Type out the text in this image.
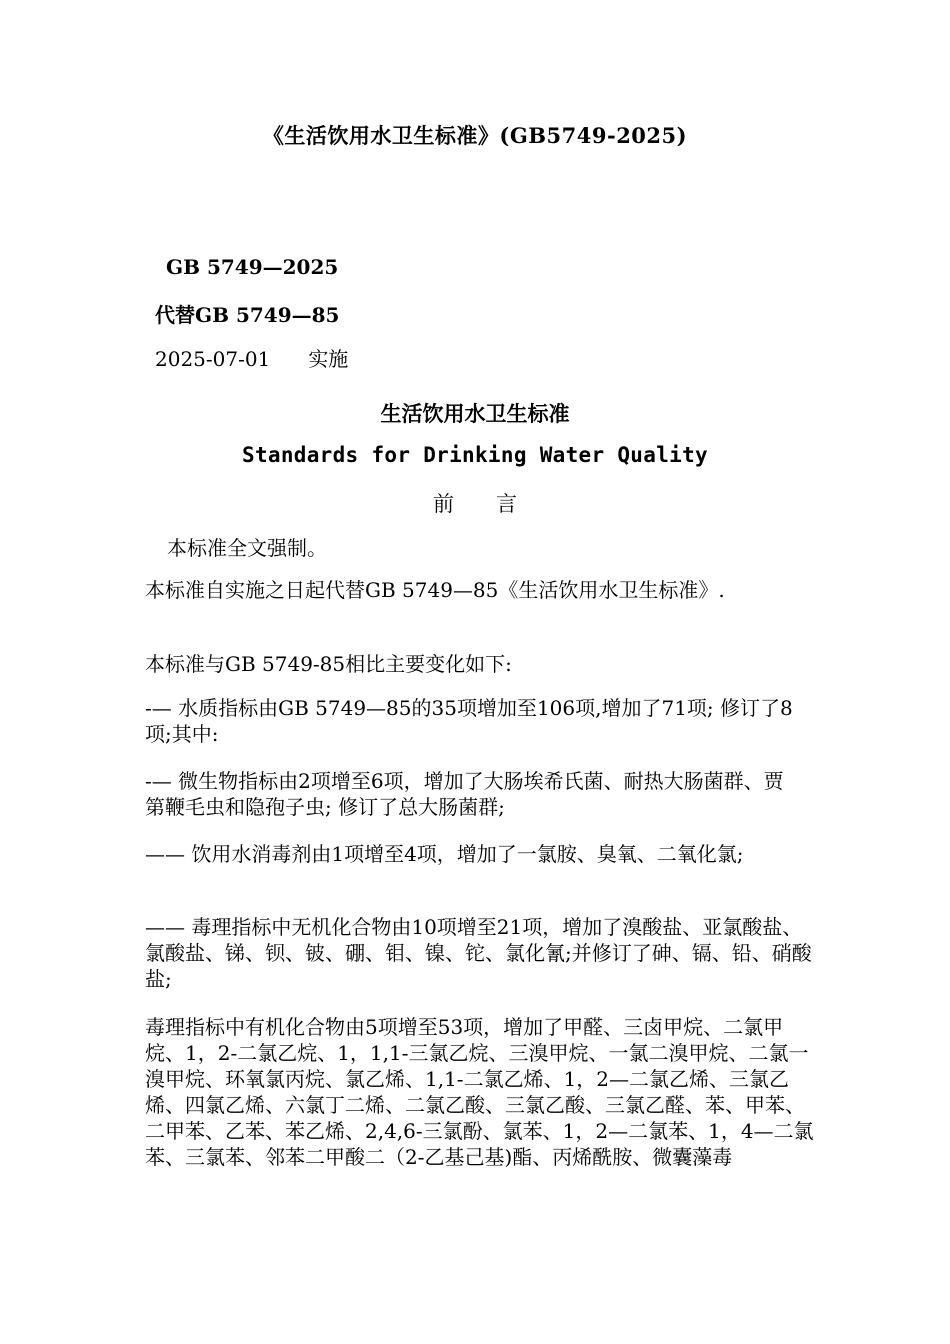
《生活饮用水卫生标准》(GB5749-2025)
GB 5749—2025
代替GB 5749—85
2025-07-01 实施
生活饮用水卫生标准
Standards for Drinking Water Quality
前言

本标准全文强制。

本标准自实施之日起代替GB 5749—85《生活饮用水卫生标准》.

本标准与GB 5749-85相比主要变化如下:

-— 水质指标由GB 5749—85的35项增加至106项,增加了71项; 修订了8项;其中:

-— 微生物指标由2项增至6项，增加了大肠埃希氏菌、耐热大肠菌群、贾第鞭毛虫和隐孢子虫; 修订了总大肠菌群;

—— 饮用水消毒剂由1项增至4项，增加了一氯胺、臭氧、二氧化氯;

—— 毒理指标中无机化合物由10项增至21项，增加了溴酸盐、亚氯酸盐、氯酸盐、锑、钡、铍、硼、钼、镍、铊、氯化氰;并修订了砷、镉、铅、硝酸盐;

毒理指标中有机化合物由5项增至53项，增加了甲醛、三卤甲烷、二氯甲烷、1，2-二氯乙烷、1，1,1-三氯乙烷、三溴甲烷、一氯二溴甲烷、二氯一溴甲烷、环氧氯丙烷、氯乙烯、1,1-二氯乙烯、1，2—二氯乙烯、三氯乙烯、四氯乙烯、六氯丁二烯、二氯乙酸、三氯乙酸、三氯乙醛、苯、甲苯、二甲苯、乙苯、苯乙烯、2,4,6-三氯酚、氯苯、1，2—二氯苯、1，4—二氯苯、三氯苯、邻苯二甲酸二（2-乙基己基)酯、丙烯酰胺、微囊藻毒
